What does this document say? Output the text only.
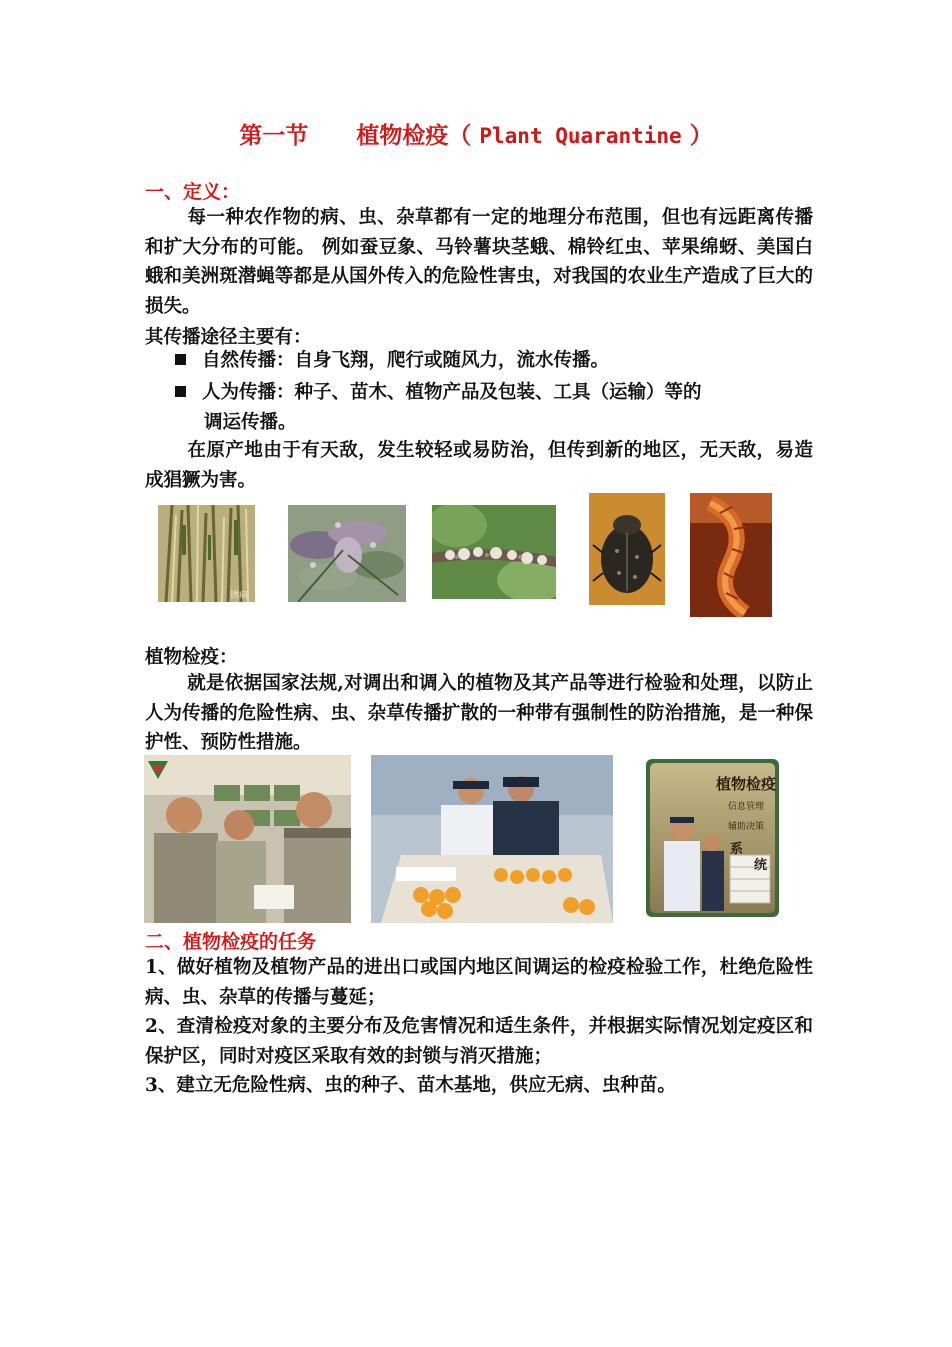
第一节      植物检疫（ Plant Quarantine ）
一、定义：
每一种农作物的病、虫、杂草都有一定的地理分布范围，但也有远距离传播和扩大分布的可能。 例如蚕豆象、马铃薯块茎蛾、棉铃红虫、苹果绵蚜、美国白蛾和美洲斑潜蝇等都是从国外传入的危险性害虫，对我国的农业生产造成了巨大的损失。
其传播途径主要有：
自然传播：自身飞翔，爬行或随风力，流水传播。
人为传播：种子、苗木、植物产品及包装、工具（运输）等的
调运传播。
在原产地由于有天敌，发生较轻或易防治，但传到新的地区，无天敌，易造成猖獗为害。
锈病
植物检疫：
就是依据国家法规,对调出和调入的植物及其产品等进行检验和处理，以防止人为传播的危险性病、虫、杂草传播扩散的一种带有强制性的防治措施，是一种保护性、预防性措施。
植物检疫
信息管理
辅助决策
系
统
二、植物检疫的任务
1、做好植物及植物产品的进出口或国内地区间调运的检疫检验工作，杜绝危险性病、虫、杂草的传播与蔓延；
2、查清检疫对象的主要分布及危害情况和适生条件，并根据实际情况划定疫区和保护区，同时对疫区采取有效的封锁与消灭措施；
3、建立无危险性病、虫的种子、苗木基地，供应无病、虫种苗。
